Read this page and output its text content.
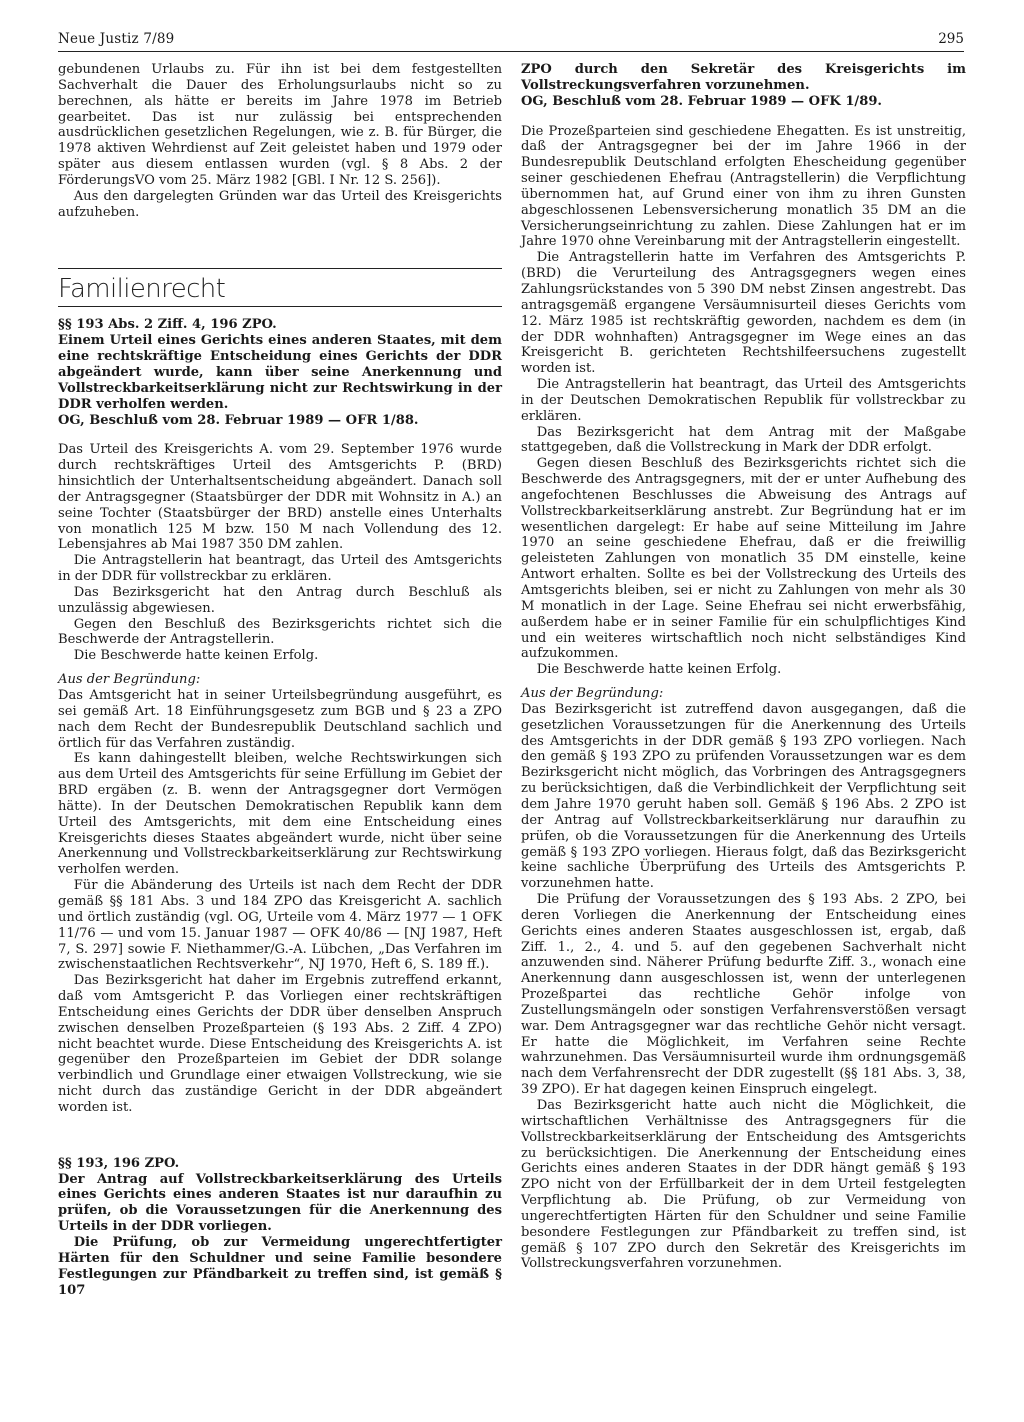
Neue Justiz 7/89	295

gebundenen Urlaubs zu. Für ihn ist bei dem festgestellten Sachverhalt die Dauer des Erholungsurlaubs nicht so zu berechnen, als hätte er bereits im Jahre 1978 im Betrieb gearbeitet. Das ist nur zulässig bei entsprechenden ausdrücklichen gesetzlichen Regelungen, wie z. B. für Bürger, die 1978 aktiven Wehrdienst auf Zeit geleistet haben und 1979 oder später aus diesem entlassen wurden (vgl. § 8 Abs. 2 der FörderungsVO vom 25. März 1982 [GBl. I Nr. 12 S. 256]).

Aus den dargelegten Gründen war das Urteil des Kreisgerichts aufzuheben.

Familienrecht

§§ 193 Abs. 2 Ziff. 4, 196 ZPO.

Einem Urteil eines Gerichts eines anderen Staates, mit dem eine rechtskräftige Entscheidung eines Gerichts der DDR abgeändert wurde, kann über seine Anerkennung und Vollstreckbarkeitserklärung nicht zur Rechtswirkung in der DDR verholfen werden.

OG, Beschluß vom 28. Februar 1989 — OFR 1/88.

Das Urteil des Kreisgerichts A. vom 29. September 1976 wurde durch rechtskräftiges Urteil des Amtsgerichts P. (BRD) hinsichtlich der Unterhaltsentscheidung abgeändert. Danach soll der Antragsgegner (Staatsbürger der DDR mit Wohnsitz in A.) an seine Tochter (Staatsbürger der BRD) anstelle eines Unterhalts von monatlich 125 M bzw. 150 M nach Vollendung des 12. Lebensjahres ab Mai 1987 350 DM zahlen.

Die Antragstellerin hat beantragt, das Urteil des Amtsgerichts in der DDR für vollstreckbar zu erklären.

Das Bezirksgericht hat den Antrag durch Beschluß als unzulässig abgewiesen.

Gegen den Beschluß des Bezirksgerichts richtet sich die Beschwerde der Antragstellerin.

Die Beschwerde hatte keinen Erfolg.

Aus der Begründung:

Das Amtsgericht hat in seiner Urteilsbegründung ausgeführt, es sei gemäß Art. 18 Einführungsgesetz zum BGB und § 23 a ZPO nach dem Recht der Bundesrepublik Deutschland sachlich und örtlich für das Verfahren zuständig.

Es kann dahingestellt bleiben, welche Rechtswirkungen sich aus dem Urteil des Amtsgerichts für seine Erfüllung im Gebiet der BRD ergäben (z. B. wenn der Antragsgegner dort Vermögen hätte). In der Deutschen Demokratischen Republik kann dem Urteil des Amtsgerichts, mit dem eine Entscheidung eines Kreisgerichts dieses Staates abgeändert wurde, nicht über seine Anerkennung und Vollstreckbarkeitserklärung zur Rechtswirkung verholfen werden.

Für die Abänderung des Urteils ist nach dem Recht der DDR gemäß §§ 181 Abs. 3 und 184 ZPO das Kreisgericht A. sachlich und örtlich zuständig (vgl. OG, Urteile vom 4. März 1977 — 1 OFK 11/76 — und vom 15. Januar 1987 — OFK 40/86 — [NJ 1987, Heft 7, S. 297] sowie F. Niethammer/G.-A. Lübchen, „Das Verfahren im zwischenstaatlichen Rechtsverkehr“, NJ 1970, Heft 6, S. 189 ff.).

Das Bezirksgericht hat daher im Ergebnis zutreffend erkannt, daß vom Amtsgericht P. das Vorliegen einer rechtskräftigen Entscheidung eines Gerichts der DDR über denselben Anspruch zwischen denselben Prozeßparteien (§ 193 Abs. 2 Ziff. 4 ZPO) nicht beachtet wurde. Diese Entscheidung des Kreisgerichts A. ist gegenüber den Prozeßparteien im Gebiet der DDR solange verbindlich und Grundlage einer etwaigen Vollstreckung, wie sie nicht durch das zuständige Gericht in der DDR abgeändert worden ist.

§§ 193, 196 ZPO.

Der Antrag auf Vollstreckbarkeitserklärung des Urteils eines Gerichts eines anderen Staates ist nur daraufhin zu prüfen, ob die Voraussetzungen für die Anerkennung des Urteils in der DDR vorliegen.

Die Prüfung, ob zur Vermeidung ungerechtfertigter Härten für den Schuldner und seine Familie besondere Festlegungen zur Pfändbarkeit zu treffen sind, ist gemäß § 107

ZPO durch den Sekretär des Kreisgerichts im Vollstreckungsverfahren vorzunehmen.

OG, Beschluß vom 28. Februar 1989 — OFK 1/89.

Die Prozeßparteien sind geschiedene Ehegatten. Es ist unstreitig, daß der Antragsgegner bei der im Jahre 1966 in der Bundesrepublik Deutschland erfolgten Ehescheidung gegenüber seiner geschiedenen Ehefrau (Antragstellerin) die Verpflichtung übernommen hat, auf Grund einer von ihm zu ihren Gunsten abgeschlossenen Lebensversicherung monatlich 35 DM an die Versicherungseinrichtung zu zahlen. Diese Zahlungen hat er im Jahre 1970 ohne Vereinbarung mit der Antragstellerin eingestellt.

Die Antragstellerin hatte im Verfahren des Amtsgerichts P. (BRD) die Verurteilung des Antragsgegners wegen eines Zahlungsrückstandes von 5 390 DM nebst Zinsen angestrebt. Das antragsgemäß ergangene Versäumnisurteil dieses Gerichts vom 12. März 1985 ist rechtskräftig geworden, nachdem es dem (in der DDR wohnhaften) Antragsgegner im Wege eines an das Kreisgericht B. gerichteten Rechtshilfeersuchens zugestellt worden ist.

Die Antragstellerin hat beantragt, das Urteil des Amtsgerichts in der Deutschen Demokratischen Republik für vollstreckbar zu erklären.

Das Bezirksgericht hat dem Antrag mit der Maßgabe stattgegeben, daß die Vollstreckung in Mark der DDR erfolgt.

Gegen diesen Beschluß des Bezirksgerichts richtet sich die Beschwerde des Antragsgegners, mit der er unter Aufhebung des angefochtenen Beschlusses die Abweisung des Antrags auf Vollstreckbarkeitserklärung anstrebt. Zur Begründung hat er im wesentlichen dargelegt: Er habe auf seine Mitteilung im Jahre 1970 an seine geschiedene Ehefrau, daß er die freiwillig geleisteten Zahlungen von monatlich 35 DM einstelle, keine Antwort erhalten. Sollte es bei der Vollstreckung des Urteils des Amtsgerichts bleiben, sei er nicht zu Zahlungen von mehr als 30 M monatlich in der Lage. Seine Ehefrau sei nicht erwerbsfähig, außerdem habe er in seiner Familie für ein schulpflichtiges Kind und ein weiteres wirtschaftlich noch nicht selbständiges Kind aufzukommen.

Die Beschwerde hatte keinen Erfolg.

Aus der Begründung:

Das Bezirksgericht ist zutreffend davon ausgegangen, daß die gesetzlichen Voraussetzungen für die Anerkennung des Urteils des Amtsgerichts in der DDR gemäß § 193 ZPO vorliegen. Nach den gemäß § 193 ZPO zu prüfenden Voraussetzungen war es dem Bezirksgericht nicht möglich, das Vorbringen des Antragsgegners zu berücksichtigen, daß die Verbindlichkeit der Verpflichtung seit dem Jahre 1970 geruht haben soll. Gemäß § 196 Abs. 2 ZPO ist der Antrag auf Vollstreckbarkeitserklärung nur daraufhin zu prüfen, ob die Voraussetzungen für die Anerkennung des Urteils gemäß § 193 ZPO vorliegen. Hieraus folgt, daß das Bezirksgericht keine sachliche Überprüfung des Urteils des Amtsgerichts P. vorzunehmen hatte.

Die Prüfung der Voraussetzungen des § 193 Abs. 2 ZPO, bei deren Vorliegen die Anerkennung der Entscheidung eines Gerichts eines anderen Staates ausgeschlossen ist, ergab, daß Ziff. 1., 2., 4. und 5. auf den gegebenen Sachverhalt nicht anzuwenden sind. Näherer Prüfung bedurfte Ziff. 3., wonach eine Anerkennung dann ausgeschlossen ist, wenn der unterlegenen Prozeßpartei das rechtliche Gehör infolge von Zustellungsmängeln oder sonstigen Verfahrensverstößen versagt war. Dem Antragsgegner war das rechtliche Gehör nicht versagt. Er hatte die Möglichkeit, im Verfahren seine Rechte wahrzunehmen. Das Versäumnisurteil wurde ihm ordnungsgemäß nach dem Verfahrensrecht der DDR zugestellt (§§ 181 Abs. 3, 38, 39 ZPO). Er hat dagegen keinen Einspruch eingelegt.

Das Bezirksgericht hatte auch nicht die Möglichkeit, die wirtschaftlichen Verhältnisse des Antragsgegners für die Vollstreckbarkeitserklärung der Entscheidung des Amtsgerichts zu berücksichtigen. Die Anerkennung der Entscheidung eines Gerichts eines anderen Staates in der DDR hängt gemäß § 193 ZPO nicht von der Erfüllbarkeit der in dem Urteil festgelegten Verpflichtung ab. Die Prüfung, ob zur Vermeidung von ungerechtfertigten Härten für den Schuldner und seine Familie besondere Festlegungen zur Pfändbarkeit zu treffen sind, ist gemäß § 107 ZPO durch den Sekretär des Kreisgerichts im Vollstreckungsverfahren vorzunehmen.
